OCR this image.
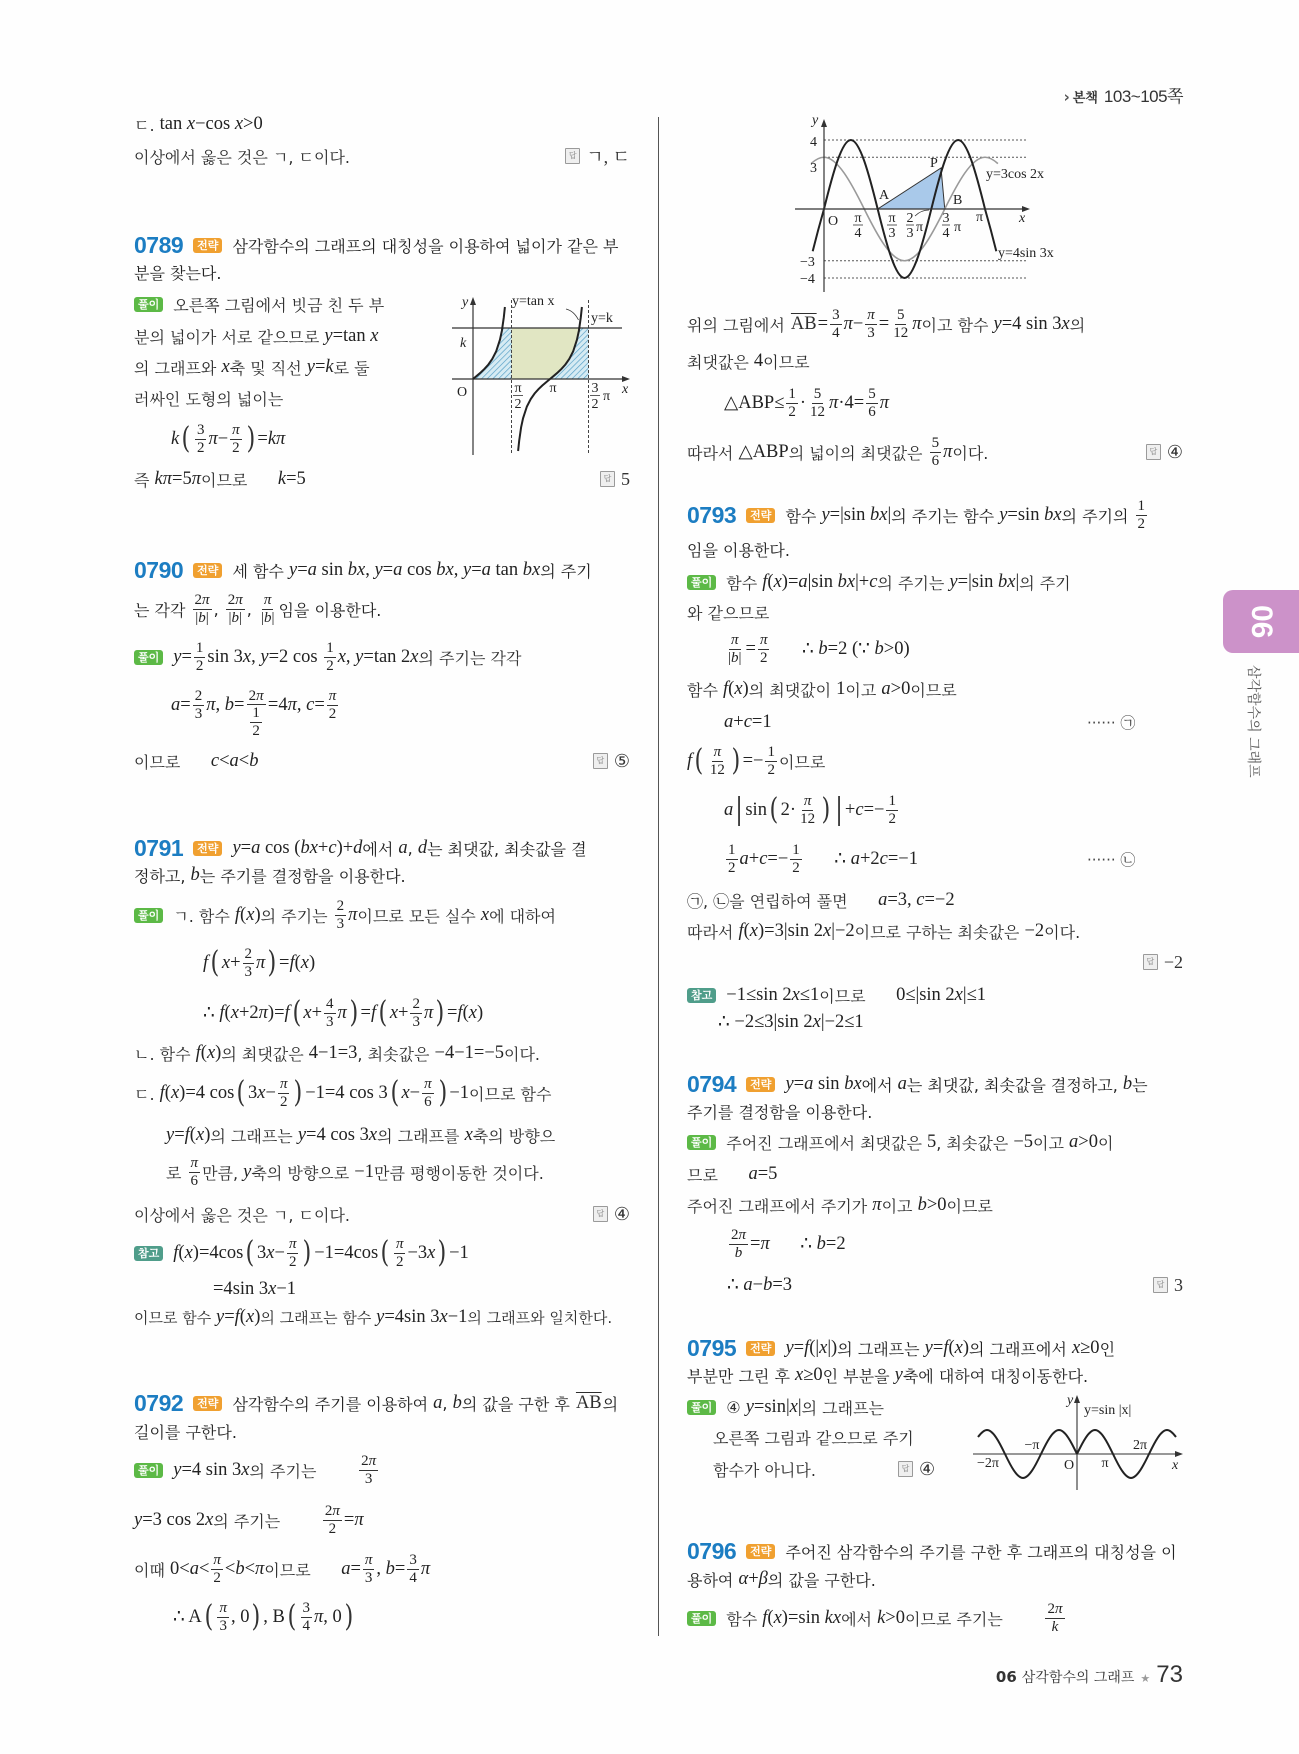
› 본책 103~105쪽
06
삼각함수의 그래프
ㄷ. tan x−cos x>0
이상에서 옳은 것은 ㄱ, ㄷ이다.	답 ㄱ, ㄷ
0789	전략 삼각함수의 그래프의 대칭성을 이용하여 넓이가 같은 부
분을 찾는다.
풀이 오른쪽 그림에서 빗금 친 두 부
분의 넓이가 서로 같으므로 y=tan x
의 그래프와 x 축 및 직선 y=k 로 둘
러싸인 도형의 넓이는
k ( $\frac{3}{2} \pi- \frac{\pi}{2}$ ) =kπ
즉 kπ=5π 이므로 k=5	답 5
y	y=tan x
y=k
k
O	π
2
π 3
2
π x
0790	전략 세 함수 y=a sin bx, y=a cos bx, y=a tan bx 의 주기
는 각각 $\frac{2\pi}{|b|}$ , $\frac{2\pi}{|b|}$ , $\frac{\pi}{|b|}$ 임을 이용한다.
풀이 $y= \frac{1}{2}$ sin 3x, y=2 $\cos \frac{1}{2} x$, y=tan 2x 의 주기는 각각
$a= \frac{2}{3} \pi$, $b= \frac{2\pi}{\frac{1}{2}} =4\pi$, $c= \frac{\pi}{2}$
이므로 c<a<b	답 ⑤
0791	전략 y=a cos (bx+c)+d 에서 a , d 는 최댓값, 최솟값을 결
정하고, b 는 주기를 결정함을 이용한다.
풀이 ㄱ. 함수 f(x) 의 주기는 $\frac{2}{3}$ π 이므로 모든 실수 x 에 대하여
f ( $x+ \frac{2}{3}$ π ) =f(x)
∴ f(x+2π)=f ( $x+ \frac{4}{3}$ π ) =f ( $x+ \frac{2}{3}$ π ) =f(x)
ㄴ. 함수 f(x) 의 최댓값은 4−1=3 , 최솟값은 −4−1=−5 이다.
ㄷ. f(x)=4 cos ( $3x- \frac{\pi}{2}$ ) −1=4 cos 3 ( $x- \frac{\pi}{6}$ ) −1 이므로 함수
y=f(x) 의 그래프는 y=4 cos 3x 의 그래프를 x 축의 방향으
로 $\frac{\pi}{6}$ 만큼, y 축의 방향으로 −1 만큼 평행이동한 것이다.
이상에서 옳은 것은 ㄱ, ㄷ이다.	답 ④
참고 f(x)=4cos ( $3x- \frac{\pi}{2}$ ) −1=4cos ( $\frac{\pi}{2} -3x$ ) −1
=4sin 3x−1
이므로 함수 y=f(x) 의 그래프는 함수 y=4sin 3x−1 의 그래프와 일치한다.
0792	전략 삼각함수의 주기를 이용하여 a , b 의 값을 구한 후 $\overline{AB}$ 의
길이를 구한다.
풀이 y=4 sin 3x 의 주기는 $\frac{2\pi}{3}$
y=3 cos 2x 의 주기는 $\frac{2\pi}{2} =\pi$
이때 $0<a< \frac{\pi}{2} <b<\pi$ 이므로 $a= \frac{\pi}{3}$ , $b= \frac{3}{4}$ π
∴ A ( $\frac{\pi}{3}$ , 0 ) , B ( $\frac{3}{4} \pi$, 0 )
y
4
3
−3
−4
O π
4
π
3
2
3 π
3
4 π
π	x
A	B
P
y=3cos 2x
y=4sin 3x
위의 그림에서 $\overline{AB} = \frac{3}{4} \pi- \frac{\pi}{3} = \frac{5}{12}$ π 이고 함수 y=4 sin 3x 의
최댓값은 4 이므로
△ABP≤ $\frac{1}{2} \cdot \frac{5}{12} \pi\cdot 4= \frac{5}{6}$ π
따라서 △ABP 의 넓이의 최댓값은 $\frac{5}{6}$ π 이다.	답 ④
0793	전략 함수 y=|sin bx| 의 주기는 함수 y=sin bx 의 주기의 $\frac{1}{2}$
임을 이용한다.
풀이 함수 f(x)=a|sin bx|+c 의 주기는 y=|sin bx| 의 주기
와 같으므로
$\frac{\pi}{|b|} = \frac{\pi}{2}$
∴ b=2 (∵ b>0)
함수 f(x) 의 최댓값이 1 이고 a>0 이므로
a+c=1	······ ㉠
f ( $\frac{\pi}{12}$ ) =− $\frac{1}{2}$ 이므로
a | sin ( $2\cdot \frac{\pi}{12}$ ) | $+c=- \frac{1}{2}$
$\frac{1}{2} a+c=- \frac{1}{2}$
∴ a+2c=−1	······ ㉡
㉠, ㉡을 연립하여 풀면 a=3, c=−2
따라서 f(x)=3|sin 2x|−2 이므로 구하는 최솟값은 −2 이다.
답 −2
참고 −1≤sin 2x≤1 이므로 0≤|sin 2x|≤1
∴ −2≤3|sin 2x|−2≤1
0794	전략 y=a sin bx 에서 a 는 최댓값, 최솟값을 결정하고, b 는
주기를 결정함을 이용한다.
풀이 주어진 그래프에서 최댓값은 5 , 최솟값은 −5 이고 a>0 이
므로 a=5
주어진 그래프에서 주기가 π 이고 b>0 이므로
$\frac{2\pi}{b} =\pi$
∴ b=2
∴ a−b=3	답 3
0795	전략 y=f(|x|) 의 그래프는 y=f(x) 의 그래프에서 x≥0 인
부분만 그린 후 x≥0 인 부분을 y 축에 대하여 대칭이동한다.
풀이 ④ y=sin|x| 의 그래프는
오른쪽 그림과 같으므로 주기
함수가 아니다.	답 ④
y
y=sin |x|
−π	2π
−2π	O π	x
0796	전략 주어진 삼각함수의 주기를 구한 후 그래프의 대칭성을 이
용하여 α+β 의 값을 구한다.
풀이 함수 f(x)=sin kx 에서 k>0 이므로 주기는 $\frac{2\pi}{k}$
06 삼각함수의 그래프 ★ 73
